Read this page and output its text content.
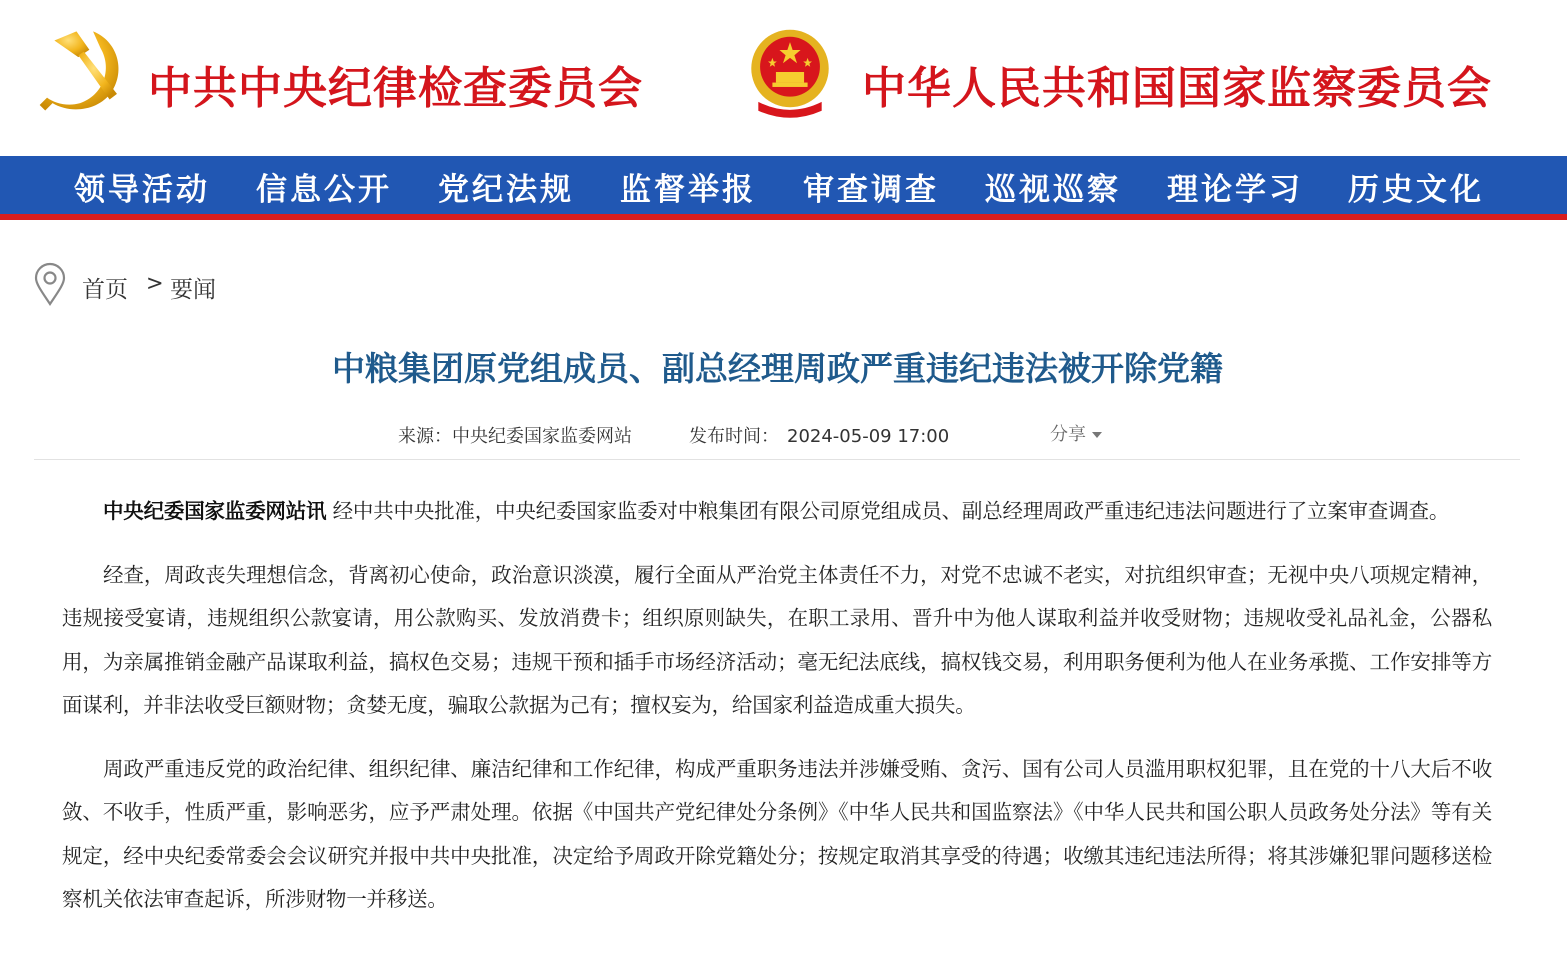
中共中央纪律检查委员会	中华人民共和国国家监察委员会
领导活动 信息公开 党纪法规 监督举报 审查调查 巡视巡察 理论学习 历史文化
首页 > 要闻
中粮集团原党组成员、副总经理周政严重违纪违法被开除党籍
来源：中央纪委国家监委网站	发布时间： 2024-05-09 17:00	分享

中央纪委国家监委网站讯 经中共中央批准，中央纪委国家监委对中粮集团有限公司原党组成员、副总经理周政严重违纪违法问题进行了立案审查调查。

经查，周政丧失理想信念，背离初心使命，政治意识淡漠，履行全面从严治党主体责任不力，对党不忠诚不老实，对抗组织审查；无视中央八项规定精神，违规接受宴请，违规组织公款宴请，用公款购买、发放消费卡；组织原则缺失，在职工录用、晋升中为他人谋取利益并收受财物；违规收受礼品礼金，公器私用，为亲属推销金融产品谋取利益，搞权色交易；违规干预和插手市场经济活动；毫无纪法底线，搞权钱交易，利用职务便利为他人在业务承揽、工作安排等方面谋利，并非法收受巨额财物；贪婪无度，骗取公款据为己有；擅权妄为，给国家利益造成重大损失。

周政严重违反党的政治纪律、组织纪律、廉洁纪律和工作纪律，构成严重职务违法并涉嫌受贿、贪污、国有公司人员滥用职权犯罪，且在党的十八大后不收敛、不收手，性质严重，影响恶劣，应予严肃处理。依据《中国共产党纪律处分条例》《中华人民共和国监察法》《中华人民共和国公职人员政务处分法》等有关规定，经中央纪委常委会会议研究并报中共中央批准，决定给予周政开除党籍处分；按规定取消其享受的待遇；收缴其违纪违法所得；将其涉嫌犯罪问题移送检察机关依法审查起诉，所涉财物一并移送。
